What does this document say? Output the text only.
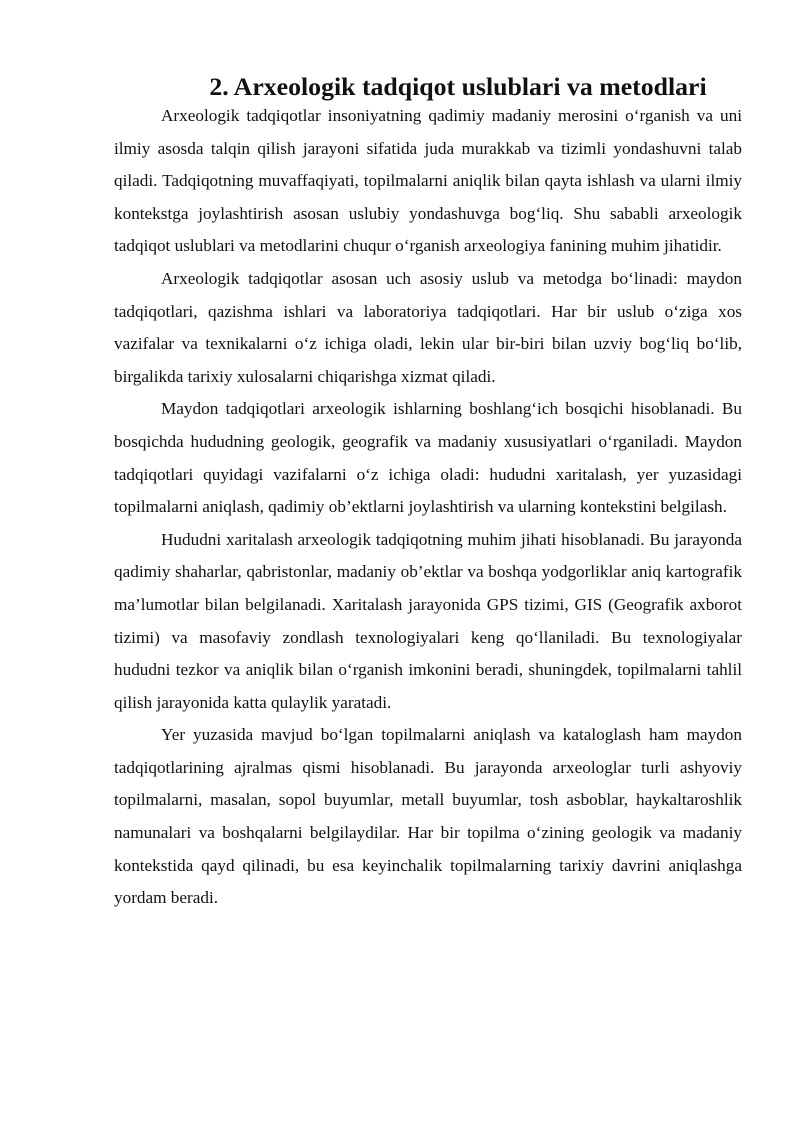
2. Arxeologik tadqiqot uslublari va metodlari

Arxeologik tadqiqotlar insoniyatning qadimiy madaniy merosini o‘rganish va uni ilmiy asosda talqin qilish jarayoni sifatida juda murakkab va tizimli yondashuvni talab qiladi. Tadqiqotning muvaffaqiyati, topilmalarni aniqlik bilan qayta ishlash va ularni ilmiy kontekstga joylashtirish asosan uslubiy yondashuvga bog‘liq. Shu sababli arxeologik tadqiqot uslublari va metodlarini chuqur o‘rganish arxeologiya fanining muhim jihatidir.

Arxeologik tadqiqotlar asosan uch asosiy uslub va metodga bo‘linadi: maydon tadqiqotlari, qazishma ishlari va laboratoriya tadqiqotlari. Har bir uslub o‘ziga xos vazifalar va texnikalarni o‘z ichiga oladi, lekin ular bir-biri bilan uzviy bog‘liq bo‘lib, birgalikda tarixiy xulosalarni chiqarishga xizmat qiladi.

Maydon tadqiqotlari arxeologik ishlarning boshlang‘ich bosqichi hisoblanadi. Bu bosqichda hududning geologik, geografik va madaniy xususiyatlari o‘rganiladi. Maydon tadqiqotlari quyidagi vazifalarni o‘z ichiga oladi: hududni xaritalash, yer yuzasidagi topilmalarni aniqlash, qadimiy ob’ektlarni joylashtirish va ularning kontekstini belgilash.

Hududni xaritalash arxeologik tadqiqotning muhim jihati hisoblanadi. Bu jarayonda qadimiy shaharlar, qabristonlar, madaniy ob’ektlar va boshqa yodgorliklar aniq kartografik ma’lumotlar bilan belgilanadi. Xaritalash jarayonida GPS tizimi, GIS (Geografik axborot tizimi) va masofaviy zondlash texnologiyalari keng qo‘llaniladi. Bu texnologiyalar hududni tezkor va aniqlik bilan o‘rganish imkonini beradi, shuningdek, topilmalarni tahlil qilish jarayonida katta qulaylik yaratadi.

Yer yuzasida mavjud bo‘lgan topilmalarni aniqlash va kataloglash ham maydon tadqiqotlarining ajralmas qismi hisoblanadi. Bu jarayonda arxeologlar turli ashyoviy topilmalarni, masalan, sopol buyumlar, metall buyumlar, tosh asboblar, haykaltaroshlik namunalari va boshqalarni belgilaydilar. Har bir topilma o‘zining geologik va madaniy kontekstida qayd qilinadi, bu esa keyinchalik topilmalarning tarixiy davrini aniqlashga yordam beradi.
